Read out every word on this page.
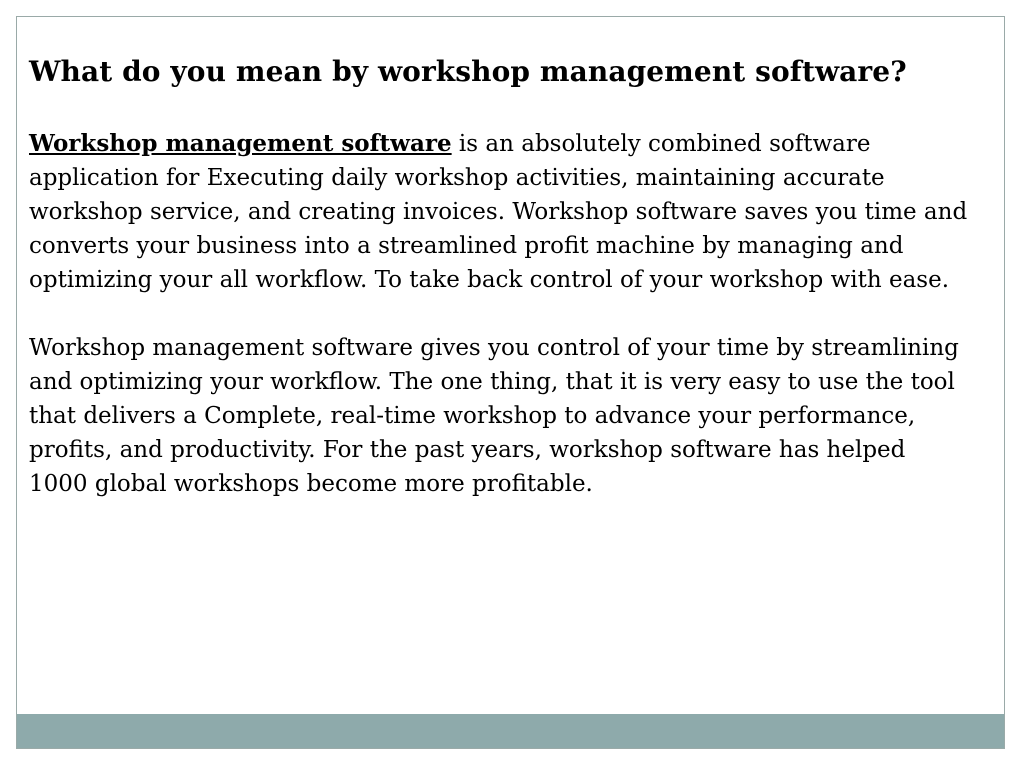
What do you mean by workshop management software?

Workshop management software is an absolutely combined software application for Executing daily workshop activities, maintaining accurate workshop service, and creating invoices. Workshop software saves you time and converts your business into a streamlined profit machine by managing and optimizing your all workflow. To take back control of your workshop with ease.

Workshop management software gives you control of your time by streamlining and optimizing your workflow. The one thing, that it is very easy to use the tool that delivers a Complete, real-time workshop to advance your performance, profits, and productivity. For the past years, workshop software has helped 1000 global workshops become more profitable.
